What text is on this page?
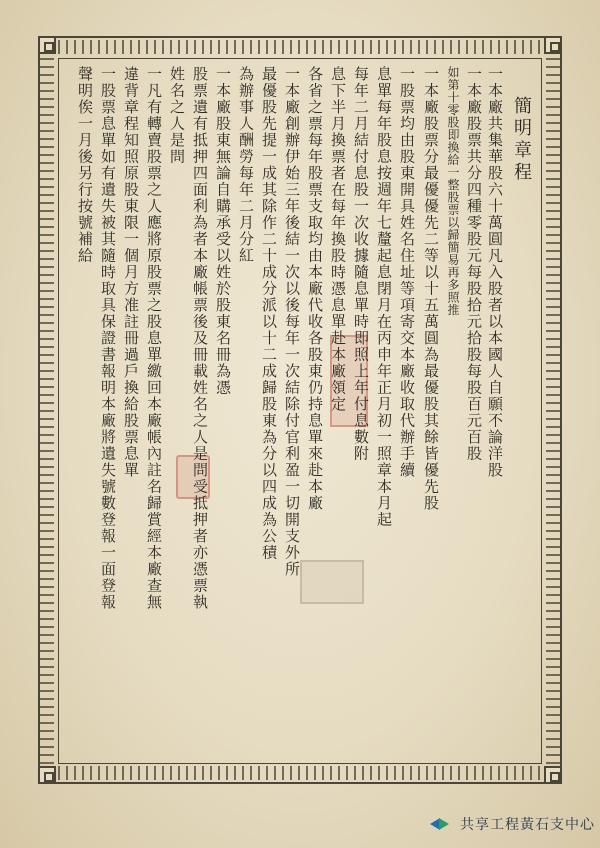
簡明章程
一本廠共集華股六十萬圓凡入股者以本國人自願不論洋股
一本廠股票共分四種零股元每股拾元拾股每股百元百股
如第十零股即換給一整股票以歸簡易再多照推
一本廠股票分最優優先二等以十五萬圓為最優股其餘皆優先股
一股票均由股東開具姓名住址等項寄交本廠收取代辦手續
息單每年股息按週年七釐起息閉月在丙申年正月初一照章本月起
每年二月結付息股一次收據隨息單時即照上年付息數附
息下半月換票者在每年換股時憑息單赴本廠領定
各省之票每年股票支取均由本廠代收各股東仍持息單來赴本廠
一本廠創辦伊始三年後結一次以後每年一次結除付官利盈一切開支外所
最優股先提一成其除作二十成分派以十二成歸股東為分以四成為公積
為辦事人酬勞每年二月分紅
一本廠股東無論自購承受以姓於股東名冊為憑
股票遺有抵押四面利為者本廠帳票後及冊載姓名之人是問受抵押者亦憑票執
姓名之人是問
一凡有轉賣股票之人應將原股票之股息單繳回本廠帳內註名歸賞經本廠查無
違背章程知照原股東限一個月方准註冊過戶換給股票息單
一股票息單如有遺失被其隨時取具保證書報明本廠將遺失號數登報一面登報
聲明俟一月後另行按號補給
共享工程黃石支中心
